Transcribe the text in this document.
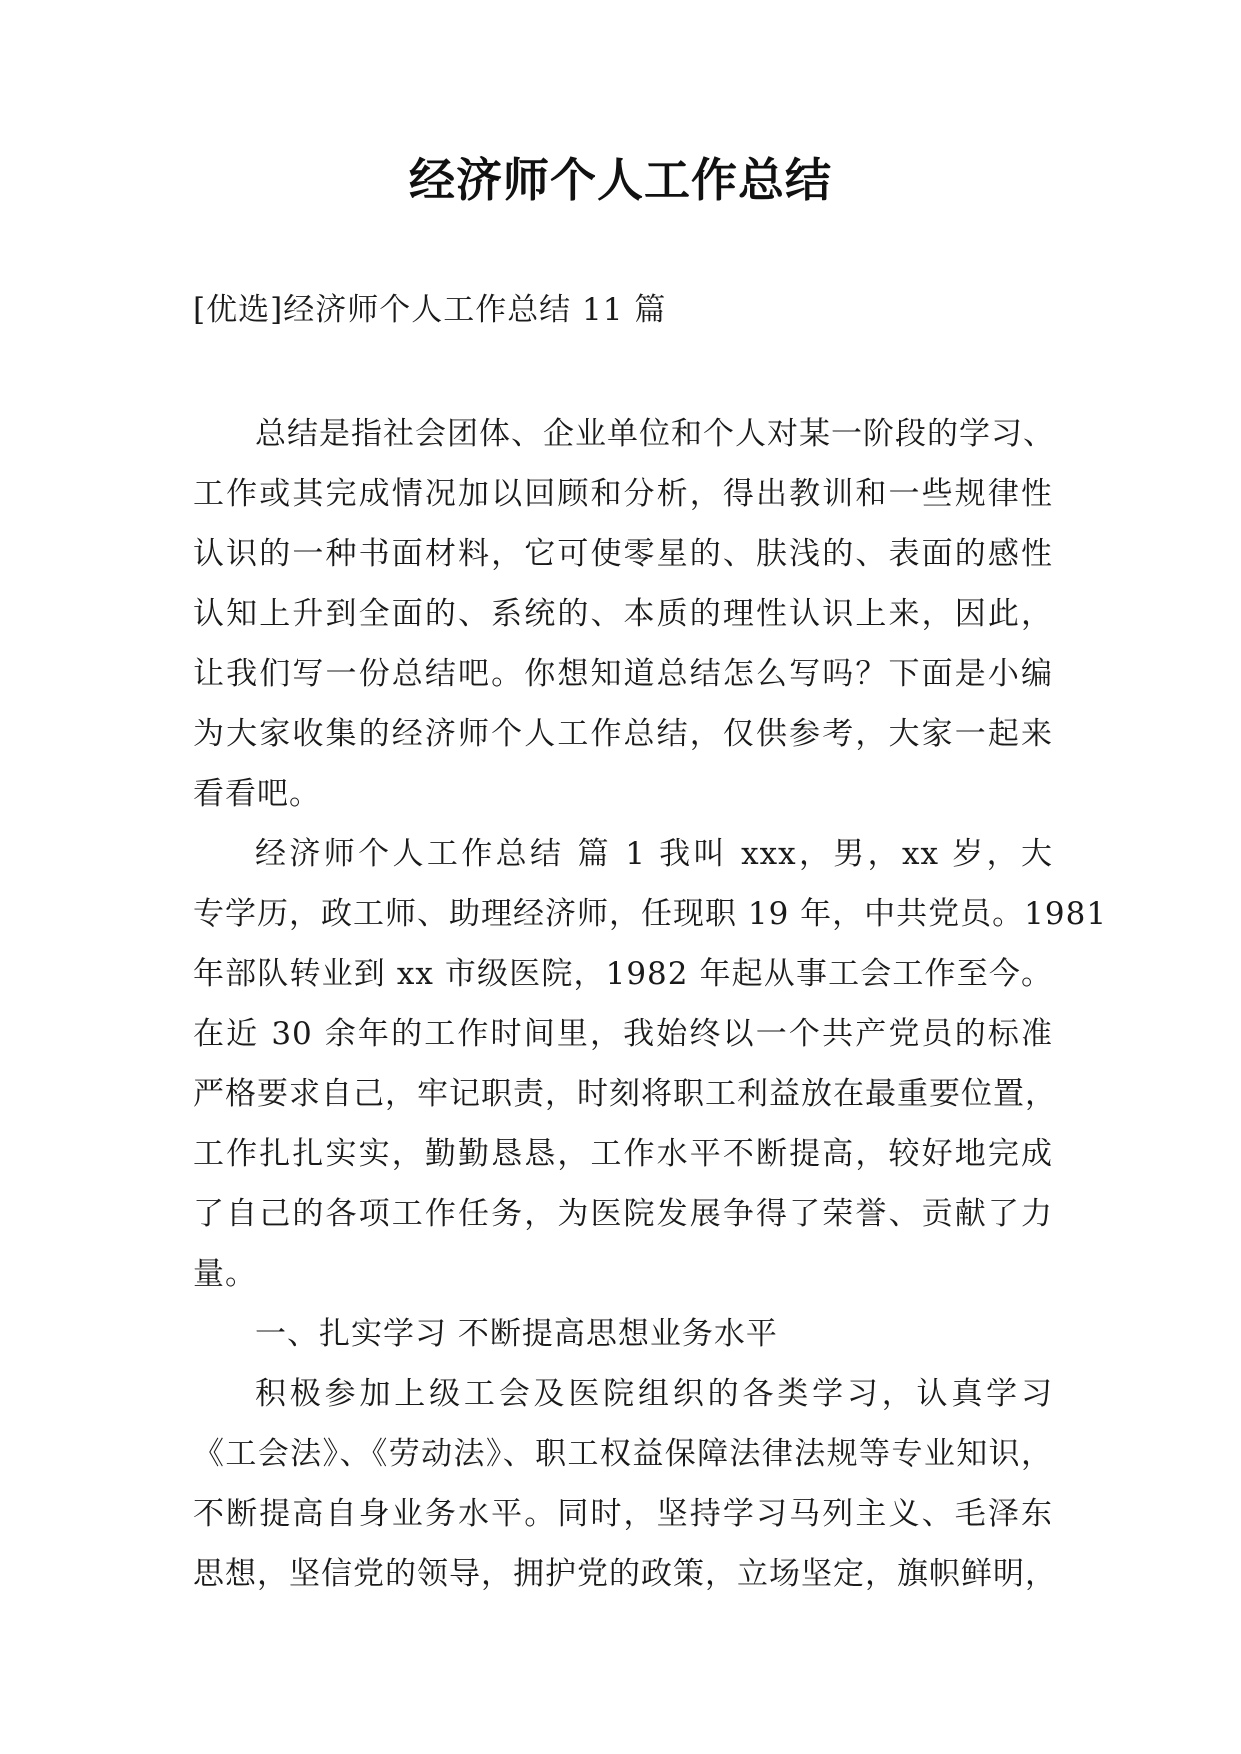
经济师个人工作总结
[优选]经济师个人工作总结 11 篇
总结是指社会团体、企业单位和个人对某一阶段的学习、
工作或其完成情况加以回顾和分析，得出教训和一些规律性
认识的一种书面材料，它可使零星的、肤浅的、表面的感性
认知上升到全面的、系统的、本质的理性认识上来，因此，
让我们写一份总结吧。你想知道总结怎么写吗？下面是小编
为大家收集的经济师个人工作总结，仅供参考，大家一起来
看看吧。
经济师个人工作总结 篇 1 我叫 xxx，男，xx 岁，大
专学历，政工师、助理经济师，任现职 19 年，中共党员。1981
年部队转业到 xx 市级医院，1982 年起从事工会工作至今。
在近 30 余年的工作时间里，我始终以一个共产党员的标准
严格要求自己，牢记职责，时刻将职工利益放在最重要位置，
工作扎扎实实，勤勤恳恳，工作水平不断提高，较好地完成
了自己的各项工作任务，为医院发展争得了荣誉、贡献了力
量。
一、扎实学习 不断提高思想业务水平
积极参加上级工会及医院组织的各类学习，认真学习
《工会法》、《劳动法》、职工权益保障法律法规等专业知识，
不断提高自身业务水平。同时，坚持学习马列主义、毛泽东
思想，坚信党的领导，拥护党的政策，立场坚定，旗帜鲜明，
